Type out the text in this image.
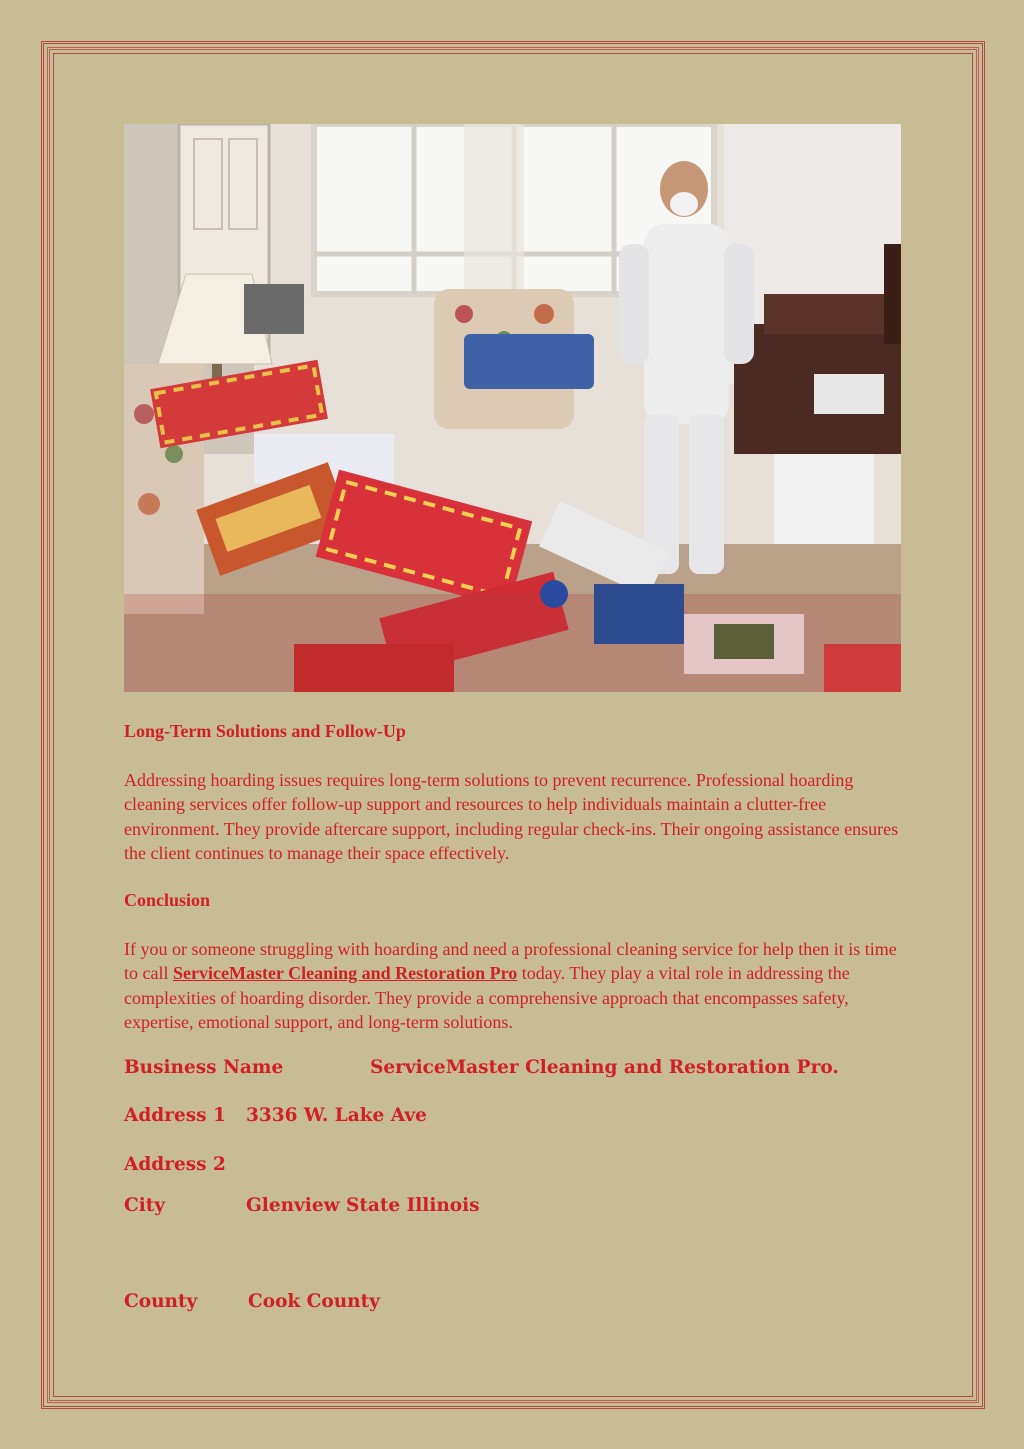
Long-Term Solutions and Follow-Up

Addressing hoarding issues requires long-term solutions to prevent recurrence. Professional hoarding cleaning services offer follow-up support and resources to help individuals maintain a clutter-free environment. They provide aftercare support, including regular check-ins. Their ongoing assistance ensures the client continues to manage their space effectively.

Conclusion

If you or someone struggling with hoarding and need a professional cleaning service for help then it is time to call ServiceMaster Cleaning and Restoration Pro today. They play a vital role in addressing the complexities of hoarding disorder. They provide a comprehensive approach that encompasses safety, expertise, emotional support, and long-term solutions.

Business Name	ServiceMaster Cleaning and Restoration Pro.
Address 1 3336 W. Lake Ave
Address 2
City	Glenview State Illinois
County	Cook County
